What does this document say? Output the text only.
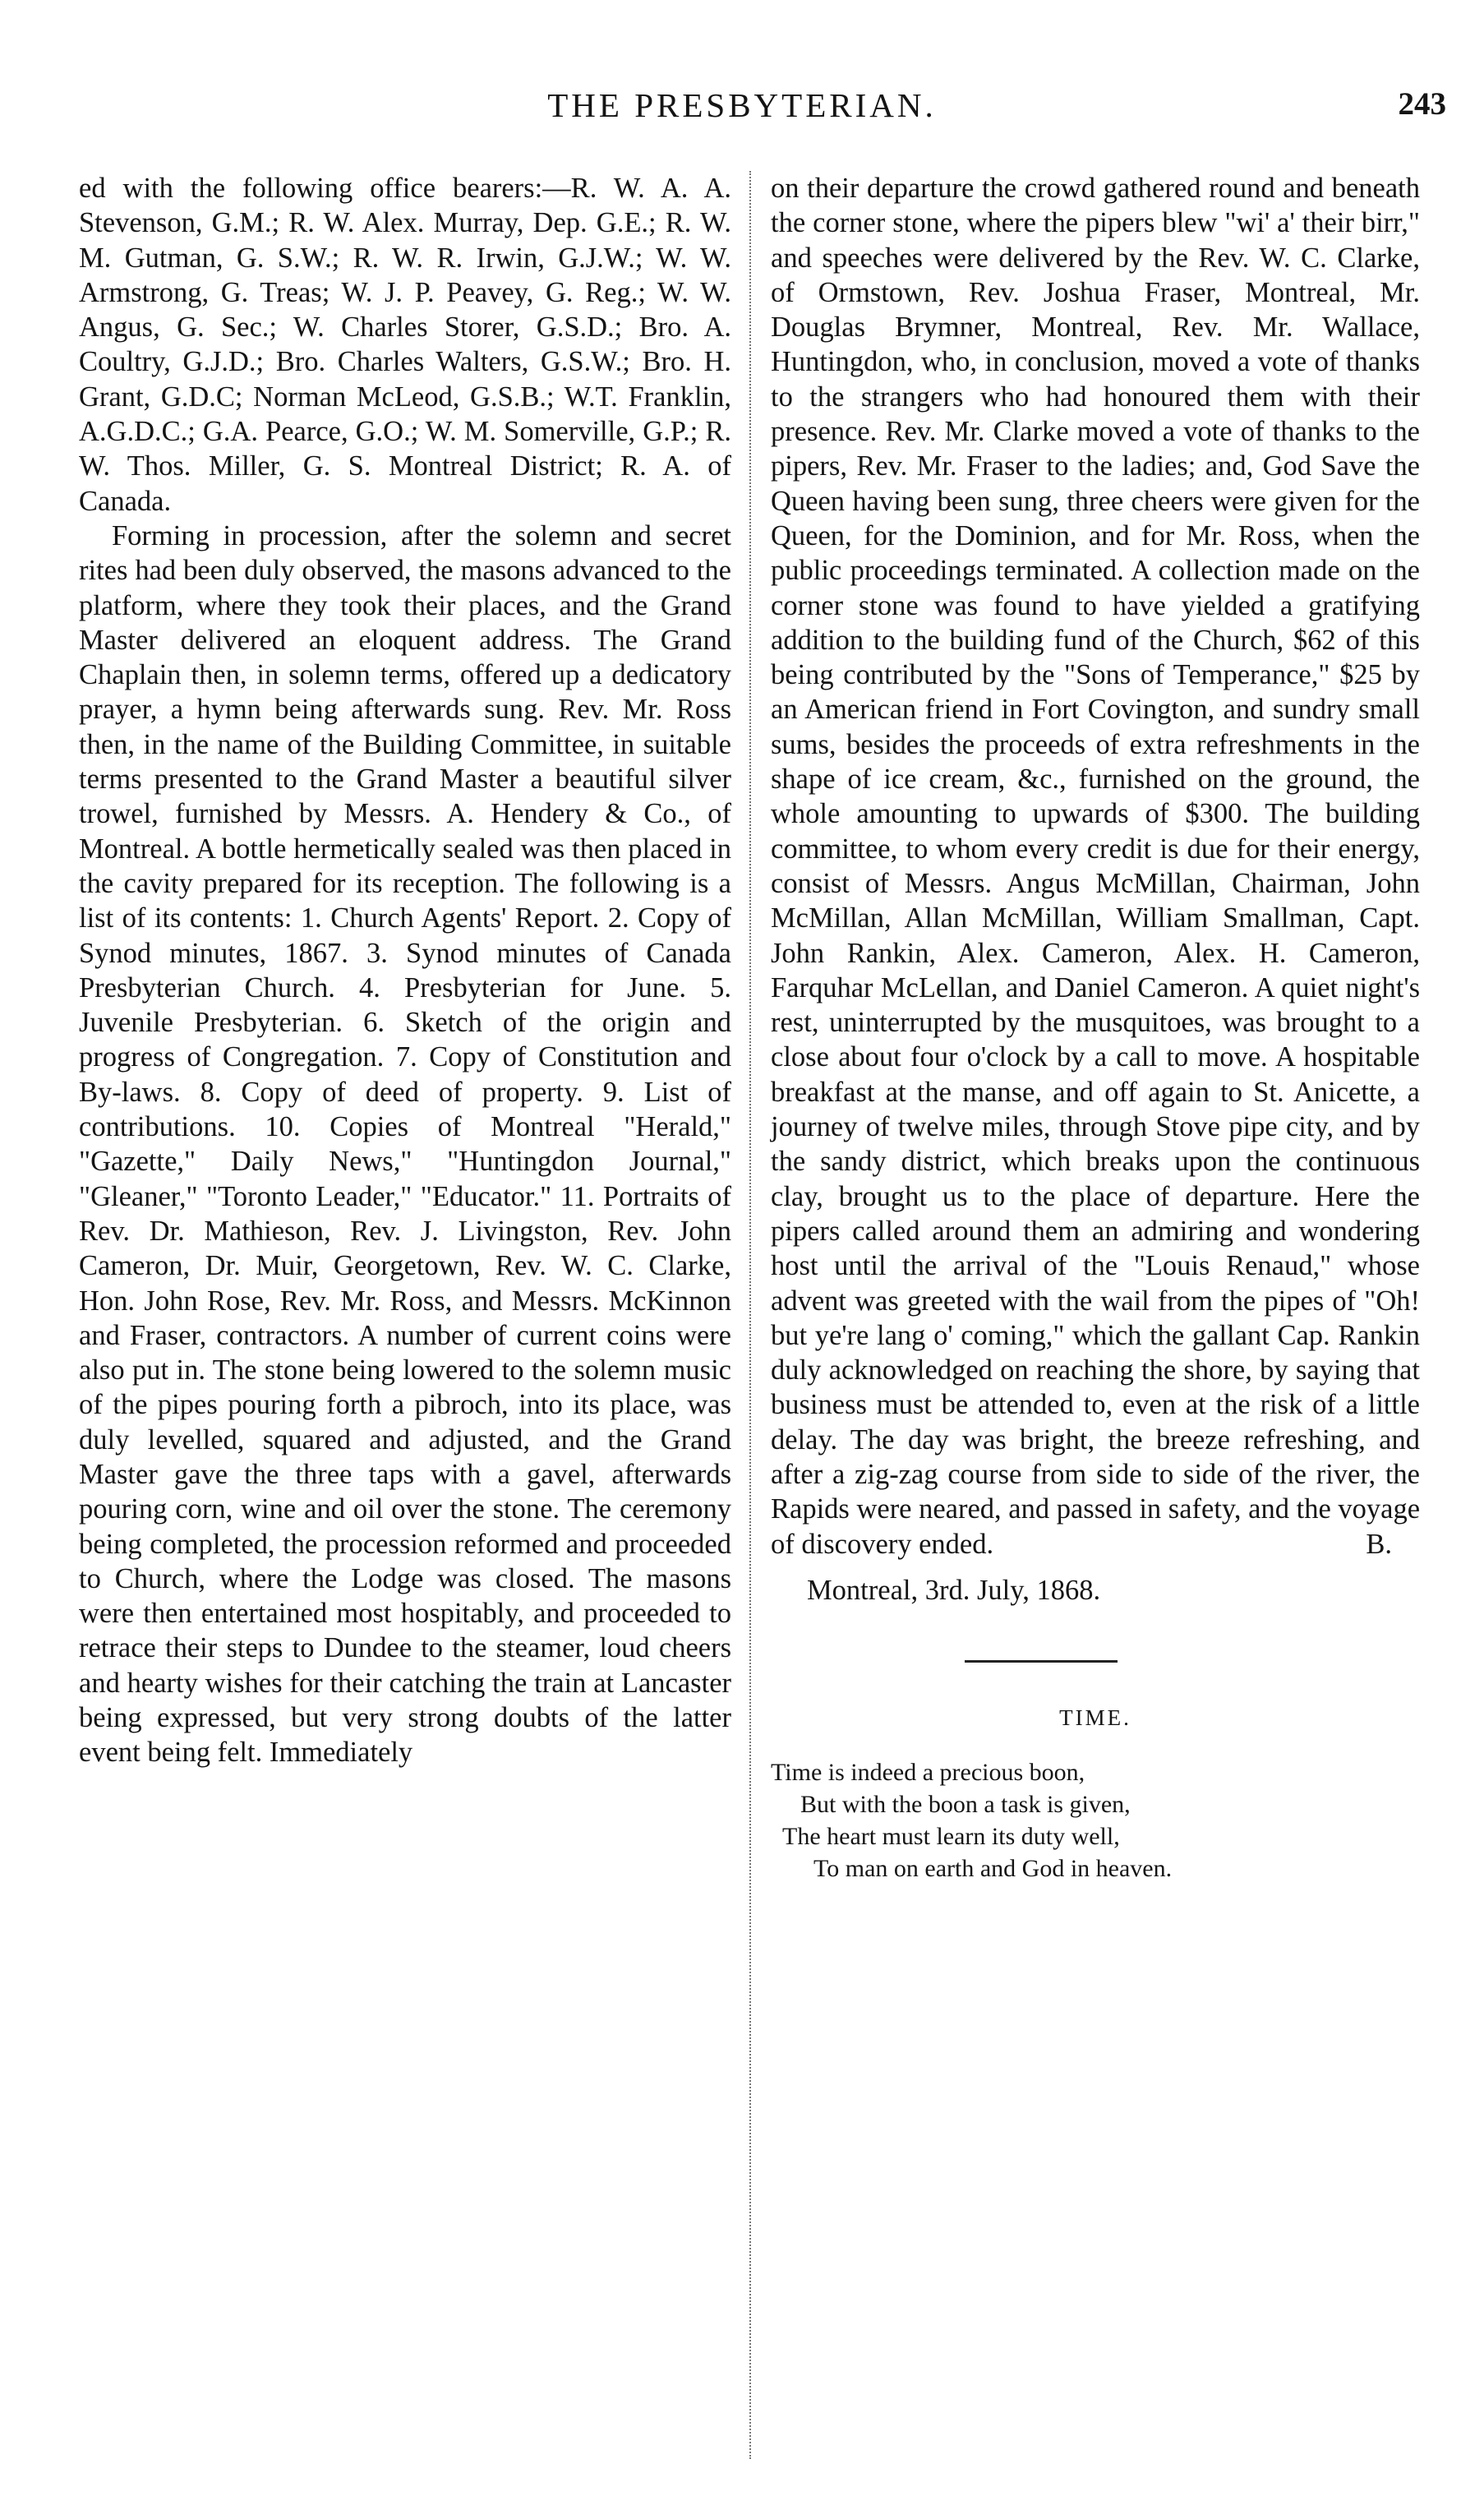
THE PRESBYTERIAN.	243

ed with the following office bearers:—R. W. A. A. Stevenson, G.M.; R. W. Alex. Murray, Dep. G.E.; R. W. M. Gutman, G. S.W.; R. W. R. Irwin, G.J.W.; W. W. Armstrong, G. Treas; W. J. P. Peavey, G. Reg.; W. W. Angus, G. Sec.; W. Charles Storer, G.S.D.; Bro. A. Coultry, G.J.D.; Bro. Charles Walters, G.S.W.; Bro. H. Grant, G.D.C; Norman McLeod, G.S.B.; W.T. Franklin, A.G.D.C.; G.A. Pearce, G.O.; W. M. Somerville, G.P.; R. W. Thos. Miller, G. S. Montreal District; R. A. of Canada.

Forming in procession, after the solemn and secret rites had been duly observed, the masons advanced to the platform, where they took their places, and the Grand Master delivered an eloquent address. The Grand Chaplain then, in solemn terms, offered up a dedicatory prayer, a hymn being afterwards sung. Rev. Mr. Ross then, in the name of the Building Committee, in suitable terms presented to the Grand Master a beautiful silver trowel, furnished by Messrs. A. Hendery & Co., of Montreal. A bottle hermetically sealed was then placed in the cavity prepared for its reception. The following is a list of its contents: 1. Church Agents' Report. 2. Copy of Synod minutes, 1867. 3. Synod minutes of Canada Presbyterian Church. 4. Presbyterian for June. 5. Juvenile Presbyterian. 6. Sketch of the origin and progress of Congregation. 7. Copy of Constitution and By-laws. 8. Copy of deed of property. 9. List of contributions. 10. Copies of Montreal "Herald," "Gazette," Daily News," "Huntingdon Journal," "Gleaner," "Toronto Leader," "Educator." 11. Portraits of Rev. Dr. Mathieson, Rev. J. Livingston, Rev. John Cameron, Dr. Muir, Georgetown, Rev. W. C. Clarke, Hon. John Rose, Rev. Mr. Ross, and Messrs. McKinnon and Fraser, contractors. A number of current coins were also put in. The stone being lowered to the solemn music of the pipes pouring forth a pibroch, into its place, was duly levelled, squared and adjusted, and the Grand Master gave the three taps with a gavel, afterwards pouring corn, wine and oil over the stone. The ceremony being completed, the procession reformed and proceeded to Church, where the Lodge was closed. The masons were then entertained most hospitably, and proceeded to retrace their steps to Dundee to the steamer, loud cheers and hearty wishes for their catching the train at Lancaster being expressed, but very strong doubts of the latter event being felt. Immediately

on their departure the crowd gathered round and beneath the corner stone, where the pipers blew "wi' a' their birr," and speeches were delivered by the Rev. W. C. Clarke, of Ormstown, Rev. Joshua Fraser, Montreal, Mr. Douglas Brymner, Montreal, Rev. Mr. Wallace, Huntingdon, who, in conclusion, moved a vote of thanks to the strangers who had honoured them with their presence. Rev. Mr. Clarke moved a vote of thanks to the pipers, Rev. Mr. Fraser to the ladies; and, God Save the Queen having been sung, three cheers were given for the Queen, for the Dominion, and for Mr. Ross, when the public proceedings terminated. A collection made on the corner stone was found to have yielded a gratifying addition to the building fund of the Church, $62 of this being contributed by the "Sons of Temperance," $25 by an American friend in Fort Covington, and sundry small sums, besides the proceeds of extra refreshments in the shape of ice cream, &c., furnished on the ground, the whole amounting to upwards of $300. The building committee, to whom every credit is due for their energy, consist of Messrs. Angus McMillan, Chairman, John McMillan, Allan McMillan, William Smallman, Capt. John Rankin, Alex. Cameron, Alex. H. Cameron, Farquhar McLellan, and Daniel Cameron. A quiet night's rest, uninterrupted by the musquitoes, was brought to a close about four o'clock by a call to move. A hospitable breakfast at the manse, and off again to St. Anicette, a journey of twelve miles, through Stove pipe city, and by the sandy district, which breaks upon the continuous clay, brought us to the place of departure. Here the pipers called around them an admiring and wondering host until the arrival of the "Louis Renaud," whose advent was greeted with the wail from the pipes of "Oh! but ye're lang o' coming," which the gallant Cap. Rankin duly acknowledged on reaching the shore, by saying that business must be attended to, even at the risk of a little delay. The day was bright, the breeze refreshing, and after a zig-zag course from side to side of the river, the Rapids were neared, and passed in safety, and the voyage of discovery ended.	B.

Montreal, 3rd. July, 1868.

TIME.

Time is indeed a precious boon,
But with the boon a task is given,
The heart must learn its duty well,
To man on earth and God in heaven.
